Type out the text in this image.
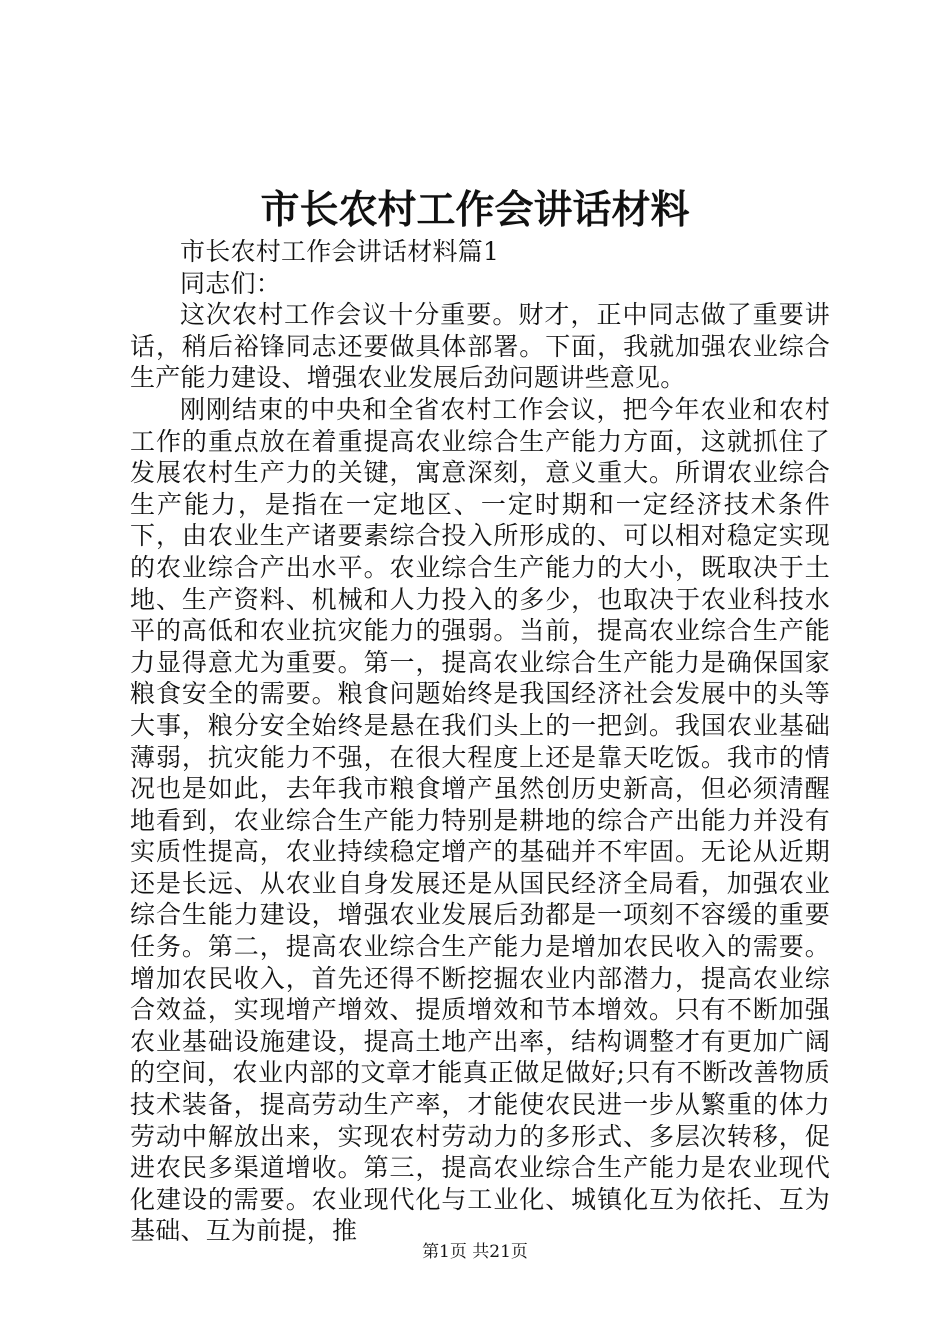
市长农村工作会讲话材料

市长农村工作会讲话材料篇1

同志们：

这次农村工作会议十分重要。财才，正中同志做了重要讲话，稍后裕锋同志还要做具体部署。下面，我就加强农业综合生产能力建设、增强农业发展后劲问题讲些意见。

刚刚结束的中央和全省农村工作会议，把今年农业和农村工作的重点放在着重提高农业综合生产能力方面，这就抓住了发展农村生产力的关键，寓意深刻，意义重大。所谓农业综合生产能力，是指在一定地区、一定时期和一定经济技术条件下，由农业生产诸要素综合投入所形成的、可以相对稳定实现的农业综合产出水平。农业综合生产能力的大小，既取决于土地、生产资料、机械和人力投入的多少，也取决于农业科技水平的高低和农业抗灾能力的强弱。当前，提高农业综合生产能力显得意尤为重要。第一，提高农业综合生产能力是确保国家粮食安全的需要。粮食问题始终是我国经济社会发展中的头等大事，粮分安全始终是悬在我们头上的一把剑。我国农业基础薄弱，抗灾能力不强，在很大程度上还是靠天吃饭。我市的情况也是如此，去年我市粮食增产虽然创历史新高，但必须清醒地看到，农业综合生产能力特别是耕地的综合产出能力并没有实质性提高，农业持续稳定增产的基础并不牢固。无论从近期还是长远、从农业自身发展还是从国民经济全局看，加强农业综合生能力建设，增强农业发展后劲都是一项刻不容缓的重要任务。第二，提高农业综合生产能力是增加农民收入的需要。增加农民收入，首先还得不断挖掘农业内部潜力，提高农业综合效益，实现增产增效、提质增效和节本增效。只有不断加强农业基础设施建设，提高土地产出率，结构调整才有更加广阔的空间，农业内部的文章才能真正做足做好;只有不断改善物质技术装备，提高劳动生产率，才能使农民进一步从繁重的体力劳动中解放出来，实现农村劳动力的多形式、多层次转移，促进农民多渠道增收。第三，提高农业综合生产能力是农业现代化建设的需要。农业现代化与工业化、城镇化互为依托、互为基础、互为前提，推

第1页 共21页
